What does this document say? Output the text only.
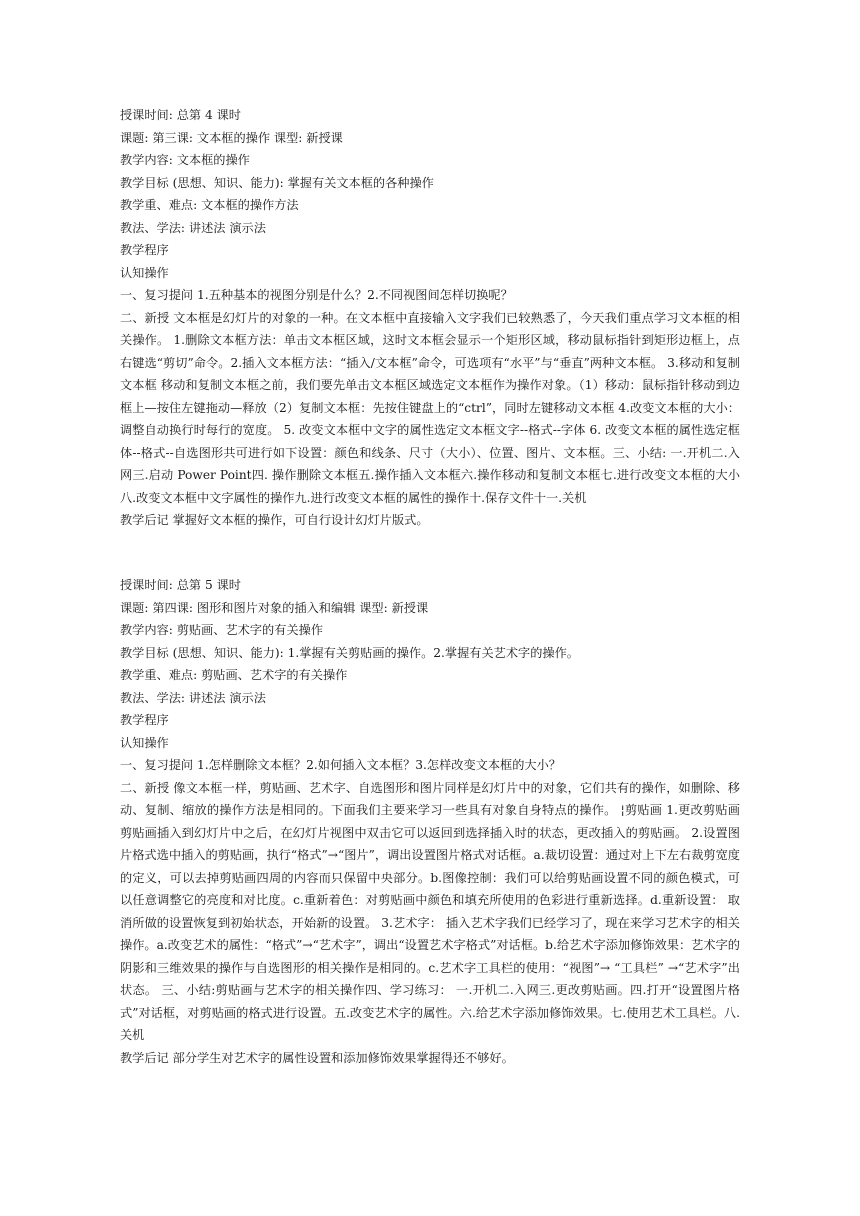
授课时间: 总第 4 课时
课题: 第三课: 文本框的操作 课型: 新授课
教学内容: 文本框的操作
教学目标 (思想、知识、能力): 掌握有关文本框的各种操作
教学重、难点: 文本框的操作方法
教法、学法: 讲述法 演示法
教学程序
认知操作
一、复习提问 1.五种基本的视图分别是什么？2.不同视图间怎样切换呢？
二、新授 文本框是幻灯片的对象的一种。在文本框中直接输入文字我们已较熟悉了，今天我们重点学习文本框的相关操作。 1.删除文本框方法：单击文本框区域，这时文本框会显示一个矩形区域，移动鼠标指针到矩形边框上，点右键选“剪切”命令。2.插入文本框方法：“插入/文本框”命令，可选项有“水平”与“垂直”两种文本框。 3.移动和复制文本框 移动和复制文本框之前，我们要先单击文本框区域选定文本框作为操作对象。（1）移动：鼠标指针移动到边框上—按住左键拖动—释放（2）复制文本框：先按住键盘上的“ctrl”，同时左键移动文本框 4.改变文本框的大小：调整自动换行时每行的宽度。 5. 改变文本框中文字的属性选定文本框文字--格式--字体 6. 改变文本框的属性选定框体--格式--自选图形共可进行如下设置：颜色和线条、尺寸（大小）、位置、图片、文本框。三、小结: 一.开机二.入网三.启动 Power Point四. 操作删除文本框五.操作插入文本框六.操作移动和复制文本框七.进行改变文本框的大小 八.改变文本框中文字属性的操作九.进行改变文本框的属性的操作十.保存文件十一.关机
教学后记 掌握好文本框的操作，可自行设计幻灯片版式。
授课时间: 总第 5 课时
课题: 第四课: 图形和图片对象的插入和编辑 课型: 新授课
教学内容: 剪贴画、艺术字的有关操作
教学目标 (思想、知识、能力): 1.掌握有关剪贴画的操作。2.掌握有关艺术字的操作。
教学重、难点: 剪贴画、艺术字的有关操作
教法、学法: 讲述法 演示法
教学程序
认知操作
一、复习提问 1.怎样删除文本框？2.如何插入文本框？3.怎样改变文本框的大小？
二、新授 像文本框一样，剪贴画、艺术字、自选图形和图片同样是幻灯片中的对象，它们共有的操作，如删除、移动、复制、缩放的操作方法是相同的。下面我们主要来学习一些具有对象自身特点的操作。 ¦剪贴画 1.更改剪贴画剪贴画插入到幻灯片中之后，在幻灯片视图中双击它可以返回到选择插入时的状态，更改插入的剪贴画。 2.设置图片格式选中插入的剪贴画，执行“格式”→“图片”，调出设置图片格式对话框。a.裁切设置：通过对上下左右裁剪宽度的定义，可以去掉剪贴画四周的内容而只保留中央部分。b.图像控制：我们可以给剪贴画设置不同的颜色模式，可以任意调整它的亮度和对比度。c.重新着色：对剪贴画中颜色和填充所使用的色彩进行重新选择。d.重新设置： 取消所做的设置恢复到初始状态，开始新的设置。 3.艺术字： 插入艺术字我们已经学习了，现在来学习艺术字的相关操作。a.改变艺术的属性：“格式”→“艺术字”，调出“设置艺术字格式”对话框。b.给艺术字添加修饰效果：艺术字的阴影和三维效果的操作与自选图形的相关操作是相同的。c.艺术字工具栏的使用：“视图”→ “工具栏” →“艺术字”出状态。 三、小结:剪贴画与艺术字的相关操作四、学习练习： 一.开机二.入网三.更改剪贴画。四.打开“设置图片格式”对话框，对剪贴画的格式进行设置。五.改变艺术字的属性。六.给艺术字添加修饰效果。七.使用艺术工具栏。八.关机
教学后记 部分学生对艺术字的属性设置和添加修饰效果掌握得还不够好。
